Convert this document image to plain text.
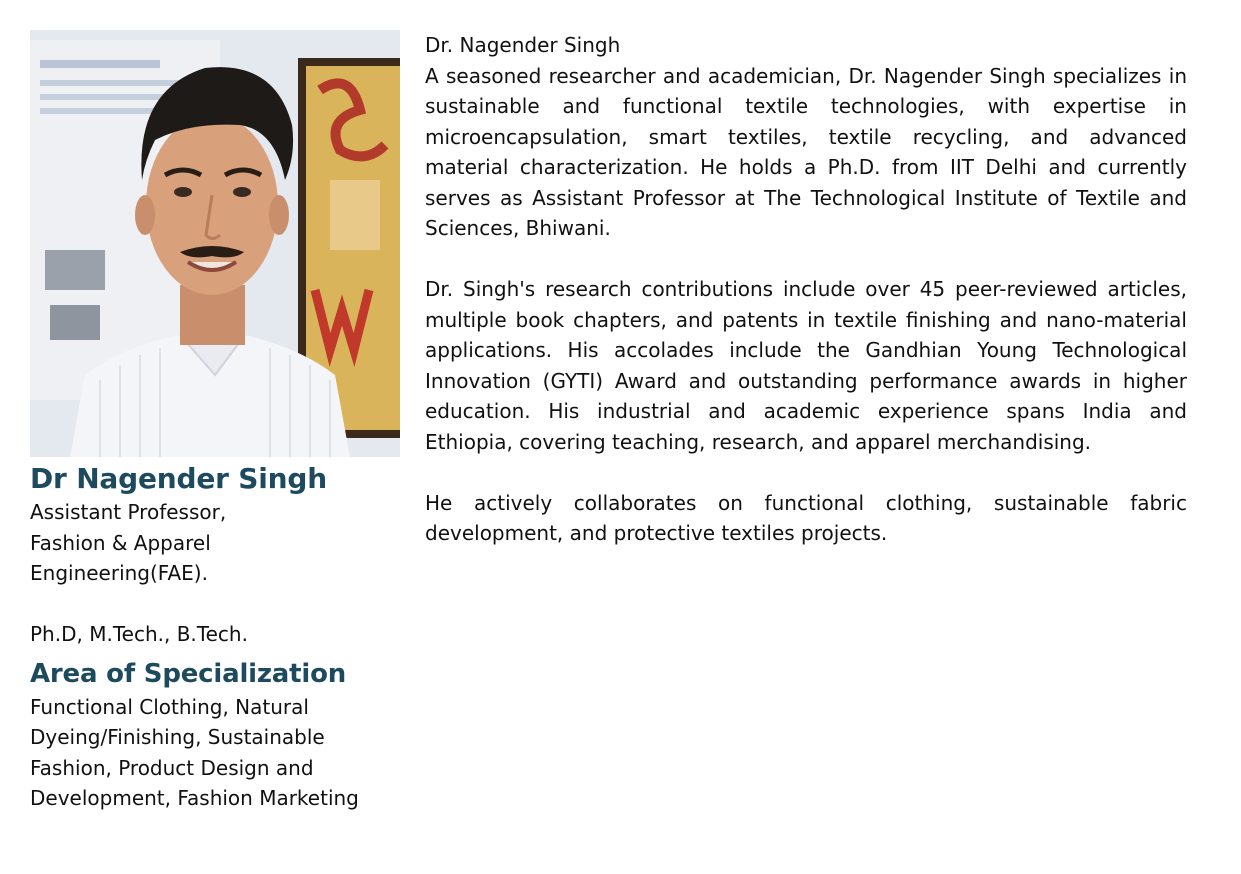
Dr Nagender Singh
Assistant Professor,
Fashion & Apparel
Engineering(FAE).
Ph.D, M.Tech., B.Tech.
Area of Specialization
Functional Clothing, Natural
Dyeing/Finishing, Sustainable
Fashion, Product Design and
Development, Fashion Marketing

Dr. Nagender Singh

A seasoned researcher and academician, Dr. Nagender Singh specializes in sustainable and functional textile technologies, with expertise in microencapsulation, smart textiles, textile recycling, and advanced material characterization. He holds a Ph.D. from IIT Delhi and currently serves as Assistant Professor at The Technological Institute of Textile and Sciences, Bhiwani.

Dr. Singh's research contributions include over 45 peer-reviewed articles, multiple book chapters, and patents in textile finishing and nano-material applications. His accolades include the Gandhian Young Technological Innovation (GYTI) Award and outstanding performance awards in higher education. His industrial and academic experience spans India and Ethiopia, covering teaching, research, and apparel merchandising.

He actively collaborates on functional clothing, sustainable fabric development, and protective textiles projects.
